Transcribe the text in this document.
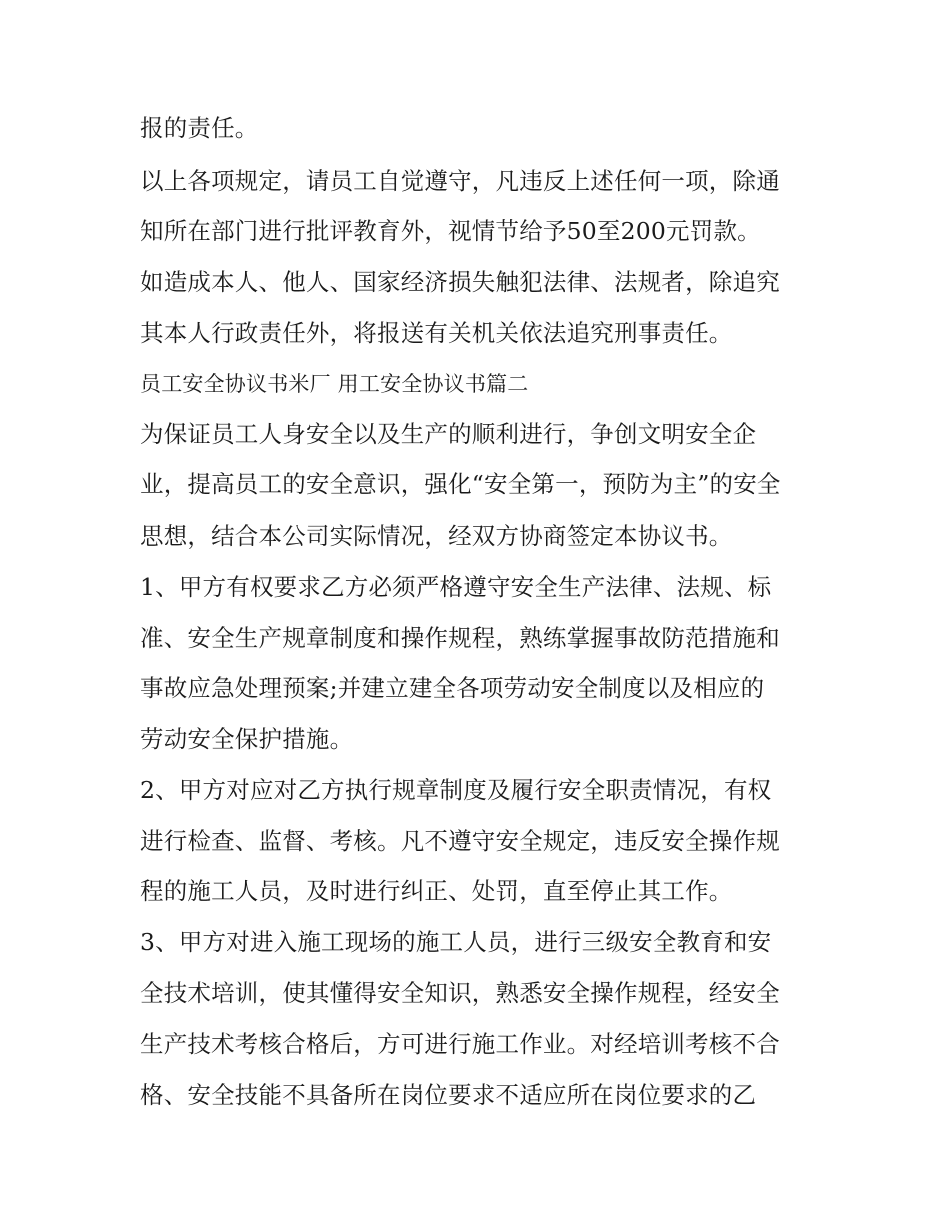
报的责任。
以上各项规定，请员工自觉遵守，凡违反上述任何一项，除通
知所在部门进行批评教育外，视情节给予50至200元罚款。
如造成本人、他人、国家经济损失触犯法律、法规者，除追究
其本人行政责任外，将报送有关机关依法追究刑事责任。
员工安全协议书米厂 用工安全协议书篇二
为保证员工人身安全以及生产的顺利进行，争创文明安全企
业，提高员工的安全意识，强化“安全第一，预防为主”的安全
思想，结合本公司实际情况，经双方协商签定本协议书。
1、甲方有权要求乙方必须严格遵守安全生产法律、法规、标
准、安全生产规章制度和操作规程，熟练掌握事故防范措施和
事故应急处理预案;并建立建全各项劳动安全制度以及相应的
劳动安全保护措施。
2、甲方对应对乙方执行规章制度及履行安全职责情况，有权
进行检查、监督、考核。凡不遵守安全规定，违反安全操作规
程的施工人员，及时进行纠正、处罚，直至停止其工作。
3、甲方对进入施工现场的施工人员，进行三级安全教育和安
全技术培训，使其懂得安全知识，熟悉安全操作规程，经安全
生产技术考核合格后，方可进行施工作业。对经培训考核不合
格、安全技能不具备所在岗位要求不适应所在岗位要求的乙
